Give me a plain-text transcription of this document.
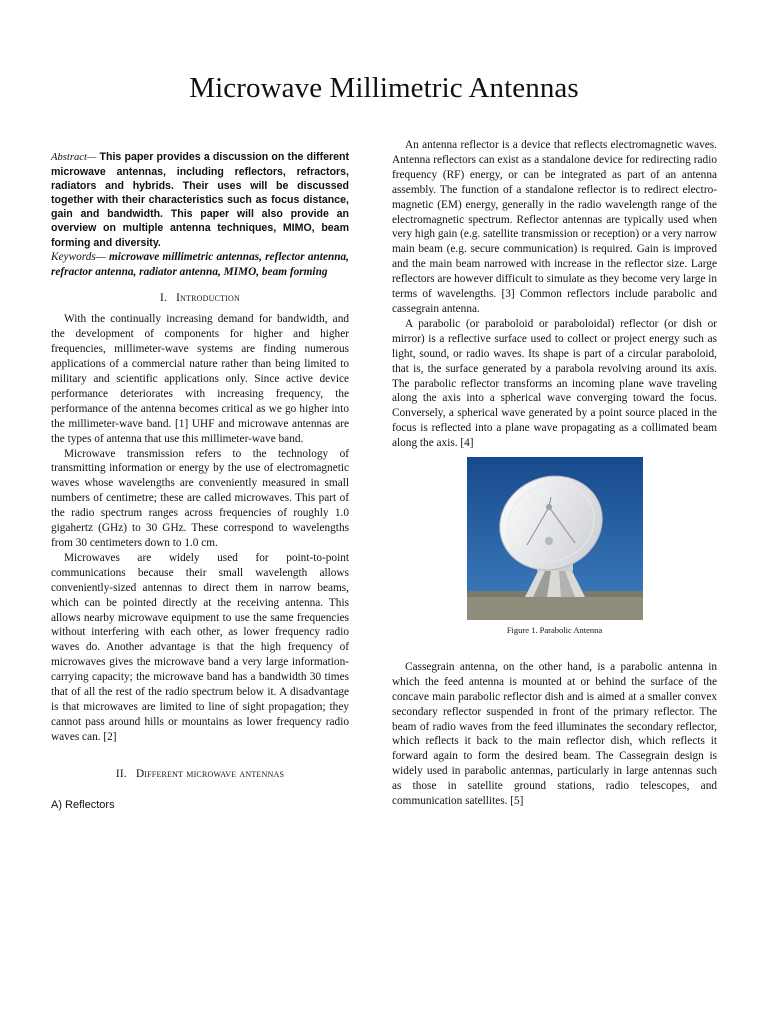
Microwave Millimetric Antennas

Abstract— This paper provides a discussion on the different microwave antennas, including reflectors, refractors, radiators and hybrids. Their uses will be discussed together with their characteristics such as focus distance, gain and bandwidth. This paper will also provide an overview on multiple antenna techniques, MIMO, beam forming and diversity.

Keywords— microwave millimetric antennas, reflector antenna, refractor antenna, radiator antenna, MIMO, beam forming

I. Introduction

With the continually increasing demand for bandwidth, and the development of components for higher and higher frequencies, millimeter-wave systems are finding numerous applications of a commercial nature rather than being limited to military and scientific applications only. Since active device performance deteriorates with increasing frequency, the performance of the antenna becomes critical as we go higher into the millimeter-wave band. [1] UHF and microwave antennas are the types of antenna that use this millimeter-wave band.

Microwave transmission refers to the technology of transmitting information or energy by the use of electromagnetic waves whose wavelengths are conveniently measured in small numbers of centimetre; these are called microwaves. This part of the radio spectrum ranges across frequencies of roughly 1.0 gigahertz (GHz) to 30 GHz. These correspond to wavelengths from 30 centimeters down to 1.0 cm.

Microwaves are widely used for point-to-point communications because their small wavelength allows conveniently-sized antennas to direct them in narrow beams, which can be pointed directly at the receiving antenna. This allows nearby microwave equipment to use the same frequencies without interfering with each other, as lower frequency radio waves do. Another advantage is that the high frequency of microwaves gives the microwave band a very large information-carrying capacity; the microwave band has a bandwidth 30 times that of all the rest of the radio spectrum below it. A disadvantage is that microwaves are limited to line of sight propagation; they cannot pass around hills or mountains as lower frequency radio waves can. [2]

II. Different microwave antennas

A) Reflectors

An antenna reflector is a device that reflects electromagnetic waves. Antenna reflectors can exist as a standalone device for redirecting radio frequency (RF) energy, or can be integrated as part of an antenna assembly. The function of a standalone reflector is to redirect electro-magnetic (EM) energy, generally in the radio wavelength range of the electromagnetic spectrum. Reflector antennas are typically used when very high gain (e.g. satellite transmission or reception) or a very narrow main beam (e.g. secure communication) is required. Gain is improved and the main beam narrowed with increase in the reflector size. Large reflectors are however difficult to simulate as they become very large in terms of wavelengths. [3] Common reflectors include parabolic and cassegrain antenna.

A parabolic (or paraboloid or paraboloidal) reflector (or dish or mirror) is a reflective surface used to collect or project energy such as light, sound, or radio waves. Its shape is part of a circular paraboloid, that is, the surface generated by a parabola revolving around its axis. The parabolic reflector transforms an incoming plane wave traveling along the axis into a spherical wave converging toward the focus. Conversely, a spherical wave generated by a point source placed in the focus is reflected into a plane wave propagating as a collimated beam along the axis. [4]

Figure 1. Parabolic Antenna

Cassegrain antenna, on the other hand, is a parabolic antenna in which the feed antenna is mounted at or behind the surface of the concave main parabolic reflector dish and is aimed at a smaller convex secondary reflector suspended in front of the primary reflector. The beam of radio waves from the feed illuminates the secondary reflector, which reflects it back to the main reflector dish, which reflects it forward again to form the desired beam. The Cassegrain design is widely used in parabolic antennas, particularly in large antennas such as those in satellite ground stations, radio telescopes, and communication satellites. [5]
